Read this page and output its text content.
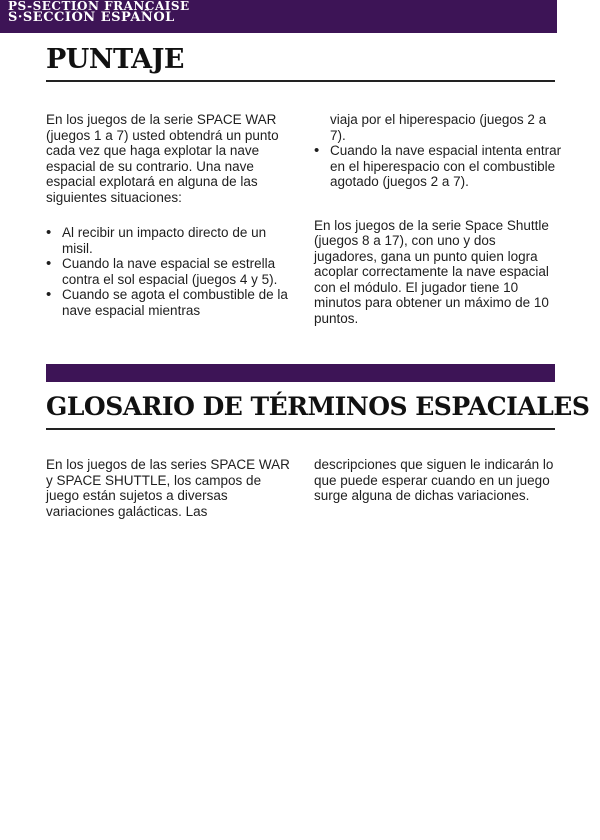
PS-SECTION FRANCAISE

S·SECCIÓN ESPAÑOL

PUNTAJE

En los juegos de la serie SPACE WAR (juegos 1 a 7) usted obtendrá un punto cada vez que haga explotar la nave espacial de su contrario. Una nave espacial explotará en alguna de las siguientes situaciones:

• Al recibir un impacto directo de un misil.
• Cuando la nave espacial se estrella contra el sol espacial (juegos 4 y 5).
• Cuando se agota el combustible de la nave espacial mientras

viaja por el hiperespacio (juegos 2 a 7).

• Cuando la nave espacial intenta entrar en el hiperespacio con el combustible agotado (juegos 2 a 7).

En los juegos de la serie Space Shuttle (juegos 8 a 17), con uno y dos jugadores, gana un punto quien logra acoplar correctamente la nave espacial con el módulo. El jugador tiene 10 minutos para obtener un máximo de 10 puntos.

GLOSARIO DE TÉRMINOS ESPACIALES

En los juegos de las series SPACE WAR y SPACE SHUTTLE, los campos de juego están sujetos a diversas variaciones galácticas. Las

descripciones que siguen le indicarán lo que puede esperar cuando en un juego surge alguna de dichas variaciones.
